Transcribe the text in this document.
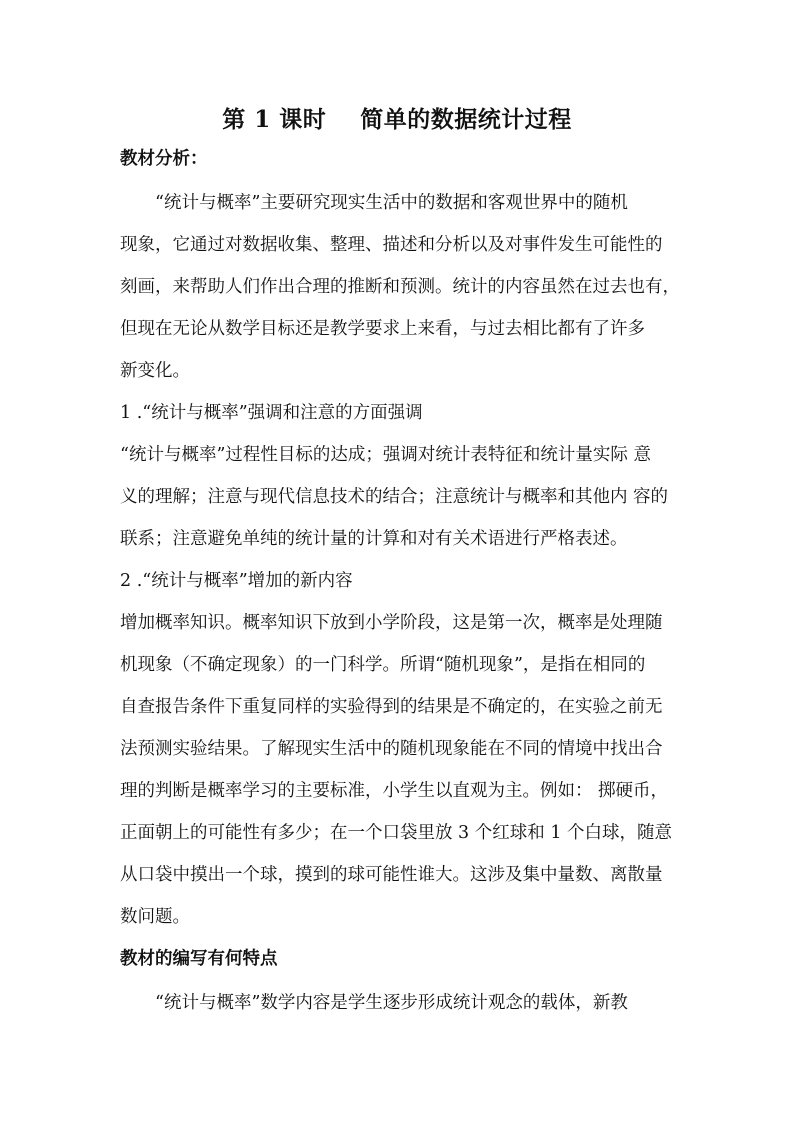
第 1 课时    简单的数据统计过程
教材分析：
　　“统计与概率”主要研究现实生活中的数据和客观世界中的随机
现象，它通过对数据收集、整理、描述和分析以及对事件发生可能性的
刻画，来帮助人们作出合理的推断和预测。统计的内容虽然在过去也有，
但现在无论从数学目标还是教学要求上来看，与过去相比都有了许多
新变化。
1 .“统计与概率”强调和注意的方面强调
“统计与概率”过程性目标的达成；强调对统计表特征和统计量实际 意
义的理解；注意与现代信息技术的结合；注意统计与概率和其他内 容的
联系；注意避免单纯的统计量的计算和对有关术语进行严格表述。
2 .“统计与概率”增加的新内容
增加概率知识。概率知识下放到小学阶段，这是第一次，概率是处理随
机现象（不确定现象）的一门科学。所谓“随机现象”，是指在相同的
自查报告条件下重复同样的实验得到的结果是不确定的，在实验之前无
法预测实验结果。了解现实生活中的随机现象能在不同的情境中找出合
理的判断是概率学习的主要标准，小学生以直观为主。例如： 掷硬币，
正面朝上的可能性有多少；在一个口袋里放 3 个红球和 1 个白球，随意
从口袋中摸出一个球，摸到的球可能性谁大。这涉及集中量数、离散量
数问题。
教材的编写有何特点
　　“统计与概率”数学内容是学生逐步形成统计观念的载体，新教
